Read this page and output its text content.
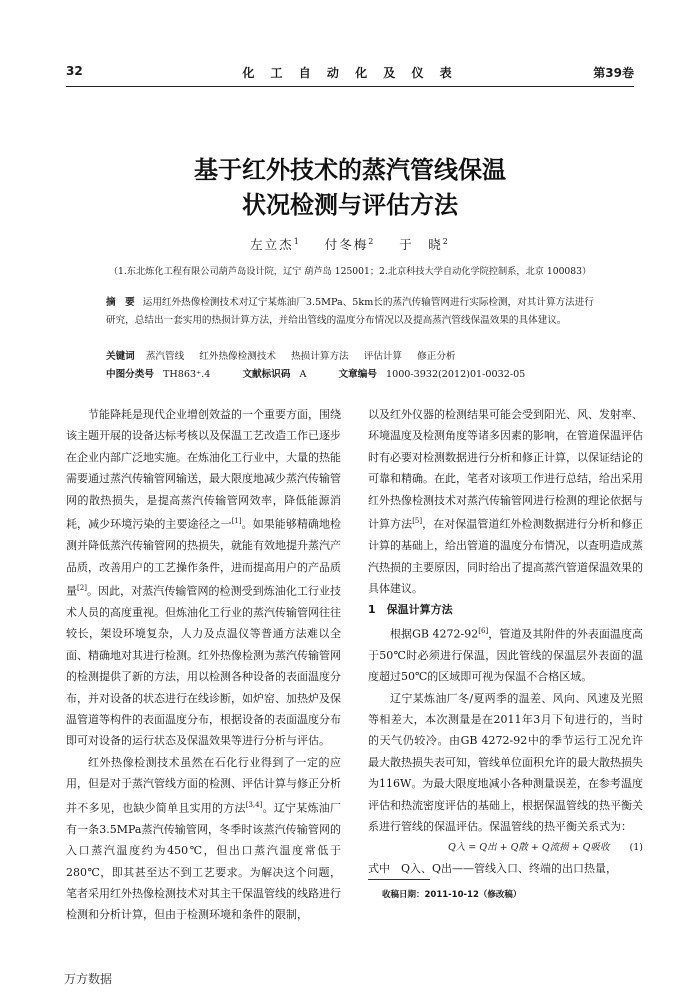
32	化 工 自 动 化 及 仪 表	第39卷
基于红外技术的蒸汽管线保温
状况检测与评估方法
左立杰$^1$ 付冬梅$^2$ 于　晓$^2$
（1.东北炼化工程有限公司葫芦岛设计院，辽宁 葫芦岛 125001；2.北京科技大学自动化学院控制系，北京 100083）
摘　要 运用红外热像检测技术对辽宁某炼油厂3.5MPa、5km长的蒸汽传输管网进行实际检测，对其计算方法进行研究，总结出一套实用的热损计算方法，并给出管线的温度分布情况以及提高蒸汽管线保温效果的具体建议。
关键词 蒸汽管线 红外热像检测技术 热损计算方法 评估计算 修正分析
中图分类号 TH863⁺.4	文献标识码 A	文章编号 1000-3932(2012)01-0032-05

节能降耗是现代企业增创效益的一个重要方面，围绕该主题开展的设备达标考核以及保温工艺改造工作已逐步在企业内部广泛地实施。在炼油化工行业中，大量的热能需要通过蒸汽传输管网输送，最大限度地减少蒸汽传输管网的散热损失，是提高蒸汽传输管网效率，降低能源消耗，减少环境污染的主要途径之一[1]。如果能够精确地检测并降低蒸汽传输管网的热损失，就能有效地提升蒸汽产品质，改善用户的工艺操作条件，进而提高用户的产品质量[2]。因此，对蒸汽传输管网的检测受到炼油化工行业技术人员的高度重视。但炼油化工行业的蒸汽传输管网往往较长，架设环境复杂，人力及点温仪等普通方法难以全面、精确地对其进行检测。红外热像检测为蒸汽传输管网的检测提供了新的方法，用以检测各种设备的表面温度分布，并对设备的状态进行在线诊断，如炉窑、加热炉及保温管道等构件的表面温度分布，根据设备的表面温度分布即可对设备的运行状态及保温效果等进行分析与评估。

红外热像检测技术虽然在石化行业得到了一定的应用，但是对于蒸汽管线方面的检测、评估计算与修正分析并不多见，也缺少简单且实用的方法[3,4]。辽宁某炼油厂有一条3.5MPa蒸汽传输管网，冬季时该蒸汽传输管网的入口蒸汽温度约为450℃，但出口蒸汽温度常低于280℃，即其甚至达不到工艺要求。为解决这个问题，笔者采用红外热像检测技术对其主干保温管线的线路进行检测和分析计算，但由于检测环境和条件的限制，

以及红外仪器的检测结果可能会受到阳光、风、发射率、环境温度及检测角度等诸多因素的影响，在管道保温评估时有必要对检测数据进行分析和修正计算，以保证结论的可靠和精确。在此，笔者对该项工作进行总结，给出采用红外热像检测技术对蒸汽传输管网进行检测的理论依据与计算方法[5]，在对保温管道红外检测数据进行分析和修正计算的基础上，给出管道的温度分布情况，以查明造成蒸汽热损的主要原因，同时给出了提高蒸汽管道保温效果的具体建议。

1　保温计算方法

根据GB 4272-92[6]，管道及其附件的外表面温度高于50℃时必须进行保温，因此管线的保温层外表面的温度超过50℃的区域即可视为保温不合格区域。

辽宁某炼油厂冬/夏两季的温差、风向、风速及光照等相差大，本次测量是在2011年3月下旬进行的，当时的天气仍较冷。由GB 4272-92中的季节运行工况允许最大散热损失表可知，管线单位面积允许的最大散热损失为116W。为最大限度地减小各种测量误差，在参考温度评估和热流密度评估的基础上，根据保温管线的热平衡关系进行管线的保温评估。保温管线的热平衡关系式为：

Q入 = Q出 + Q散 + Q流损 + Q吸收 (1)

式中　Q入、Q出——管线入口、终端的出口热量，

收稿日期：2011-10-12（修改稿）
万方数据
